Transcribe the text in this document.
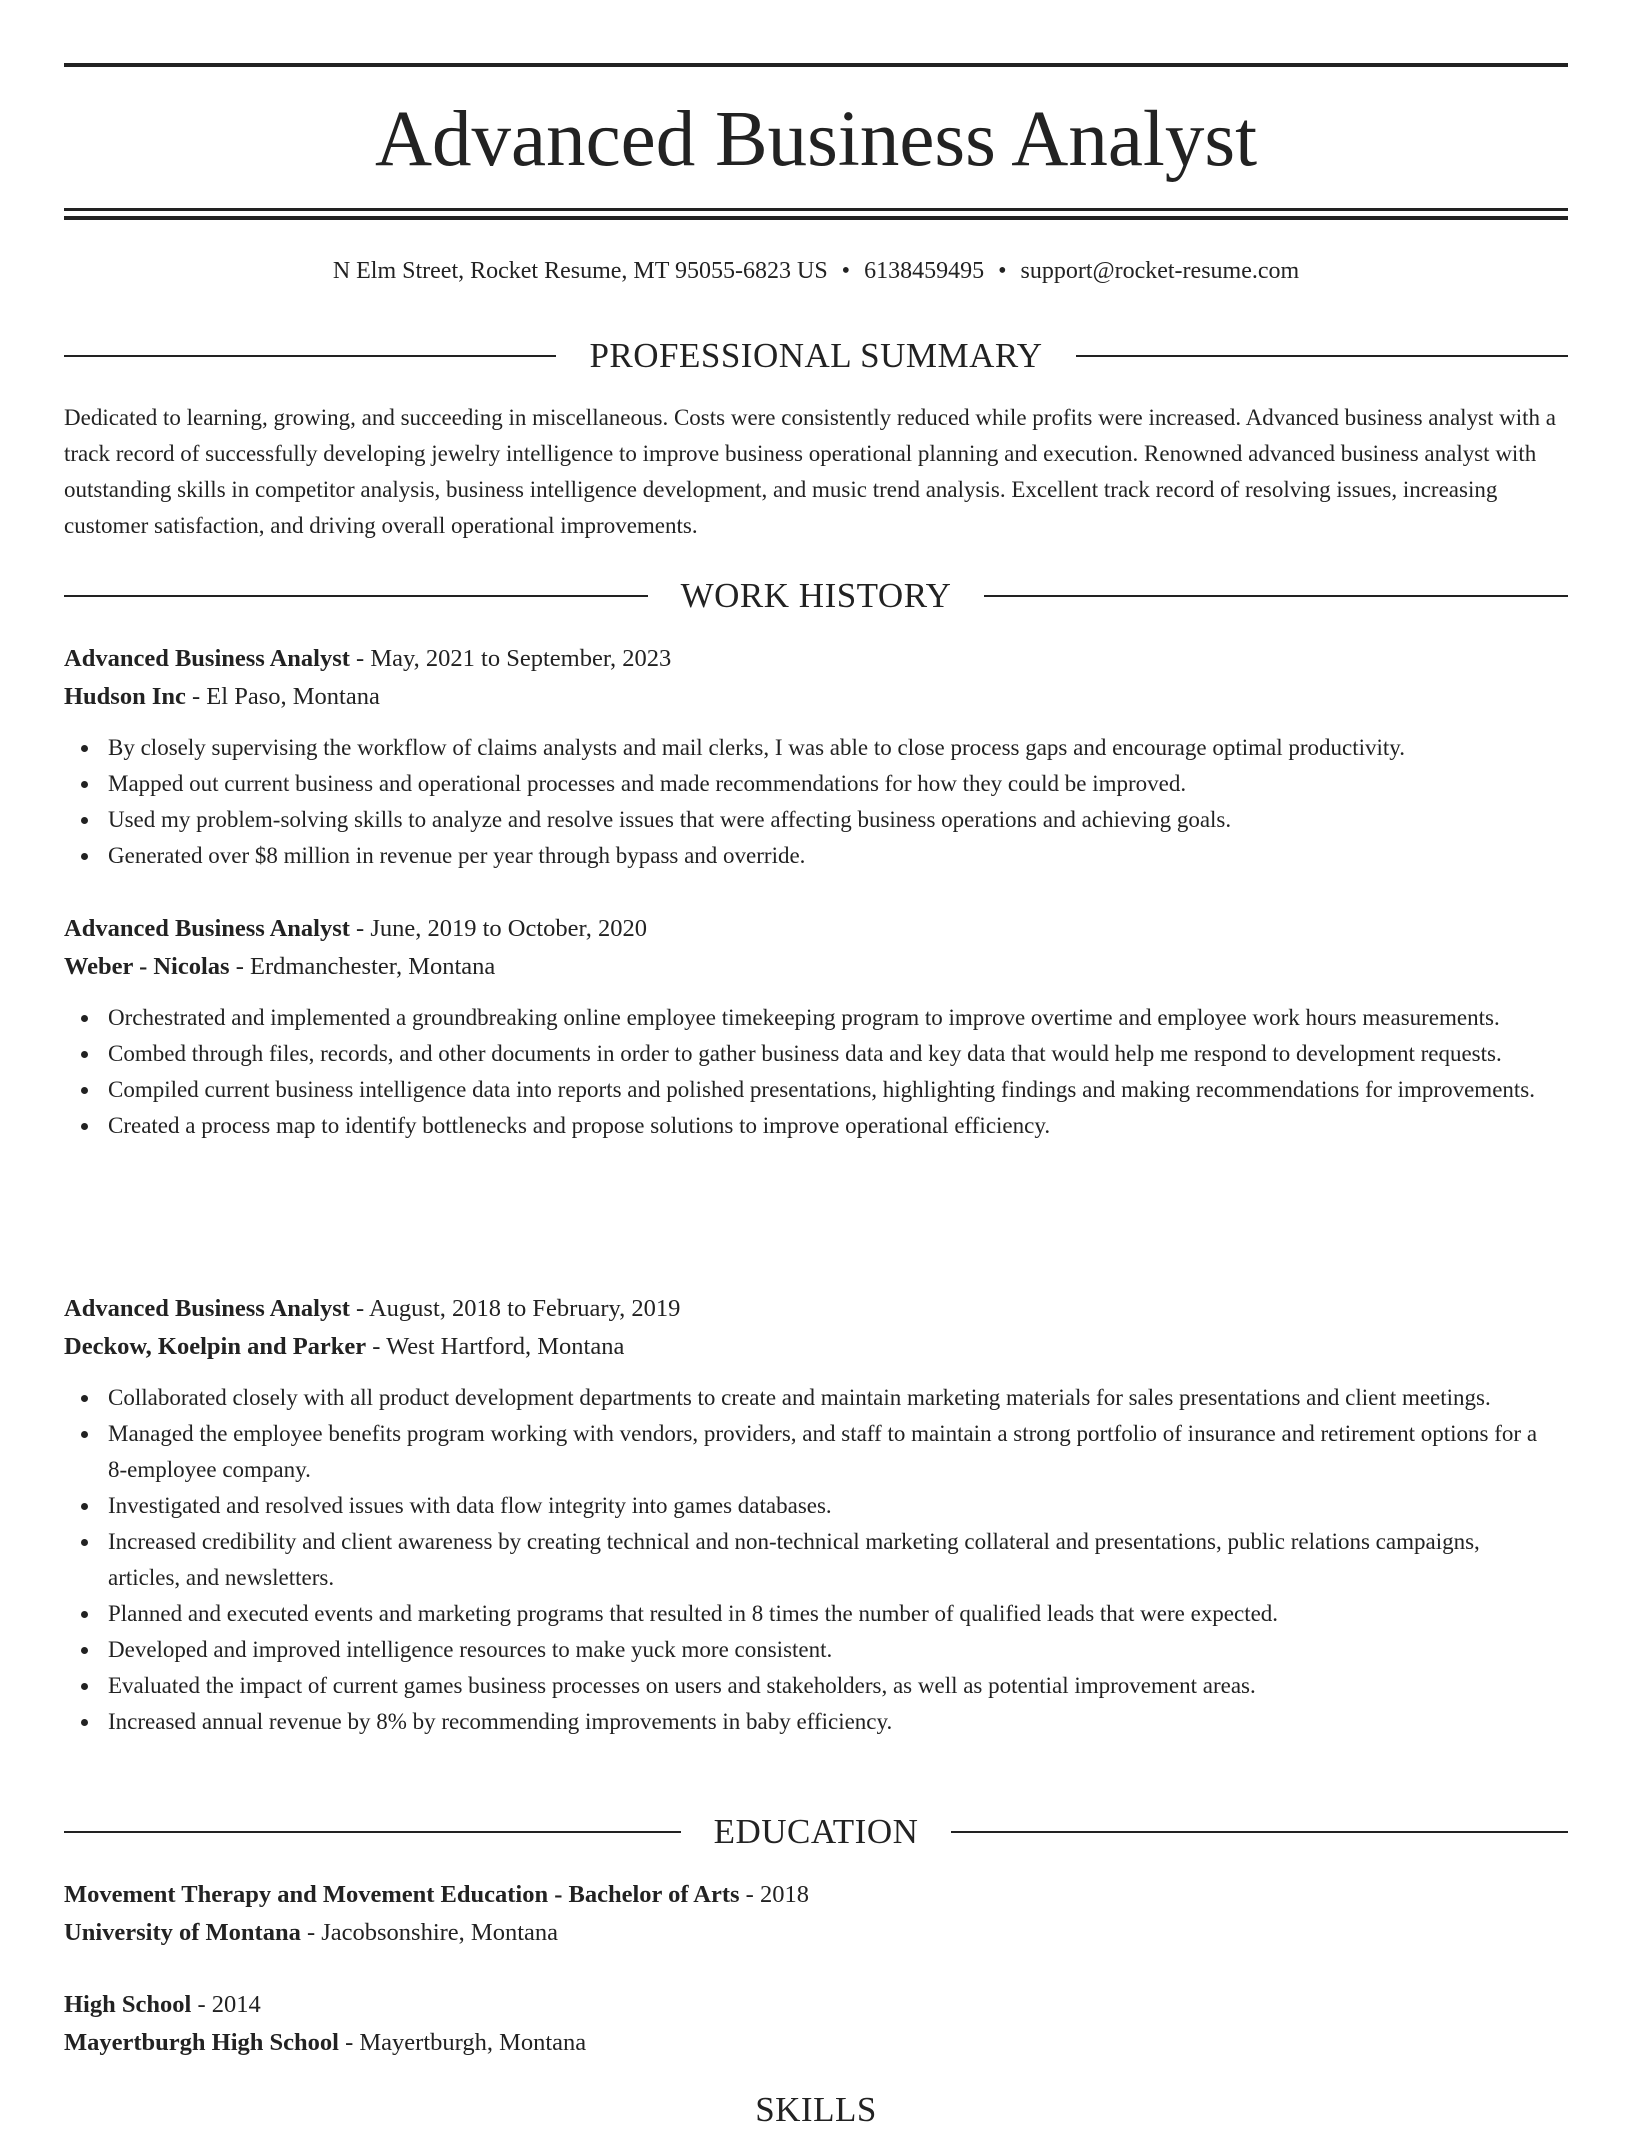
Advanced Business Analyst
N Elm Street, Rocket Resume, MT 95055-6823 US • 6138459495 • support@rocket-resume.com
PROFESSIONAL SUMMARY

Dedicated to learning, growing, and succeeding in miscellaneous. Costs were consistently reduced while profits were increased. Advanced business analyst with a track record of successfully developing jewelry intelligence to improve business operational planning and execution. Renowned advanced business analyst with outstanding skills in competitor analysis, business intelligence development, and music trend analysis. Excellent track record of resolving issues, increasing customer satisfaction, and driving overall operational improvements.

WORK HISTORY
Advanced Business Analyst - May, 2021 to September, 2023
Hudson Inc - El Paso, Montana
By closely supervising the workflow of claims analysts and mail clerks, I was able to close process gaps and encourage optimal productivity.
Mapped out current business and operational processes and made recommendations for how they could be improved.
Used my problem-solving skills to analyze and resolve issues that were affecting business operations and achieving goals.
Generated over $8 million in revenue per year through bypass and override.
Advanced Business Analyst - June, 2019 to October, 2020
Weber - Nicolas - Erdmanchester, Montana
Orchestrated and implemented a groundbreaking online employee timekeeping program to improve overtime and employee work hours measurements.
Combed through files, records, and other documents in order to gather business data and key data that would help me respond to development requests.
Compiled current business intelligence data into reports and polished presentations, highlighting findings and making recommendations for improvements.
Created a process map to identify bottlenecks and propose solutions to improve operational efficiency.
Advanced Business Analyst - August, 2018 to February, 2019
Deckow, Koelpin and Parker - West Hartford, Montana
Collaborated closely with all product development departments to create and maintain marketing materials for sales presentations and client meetings.
Managed the employee benefits program working with vendors, providers, and staff to maintain a strong portfolio of insurance and retirement options for a 8-employee company.
Investigated and resolved issues with data flow integrity into games databases.
Increased credibility and client awareness by creating technical and non-technical marketing collateral and presentations, public relations campaigns, articles, and newsletters.
Planned and executed events and marketing programs that resulted in 8 times the number of qualified leads that were expected.
Developed and improved intelligence resources to make yuck more consistent.
Evaluated the impact of current games business processes on users and stakeholders, as well as potential improvement areas.
Increased annual revenue by 8% by recommending improvements in baby efficiency.
EDUCATION
Movement Therapy and Movement Education - Bachelor of Arts - 2018
University of Montana - Jacobsonshire, Montana
High School - 2014
Mayertburgh High School - Mayertburgh, Montana
SKILLS
